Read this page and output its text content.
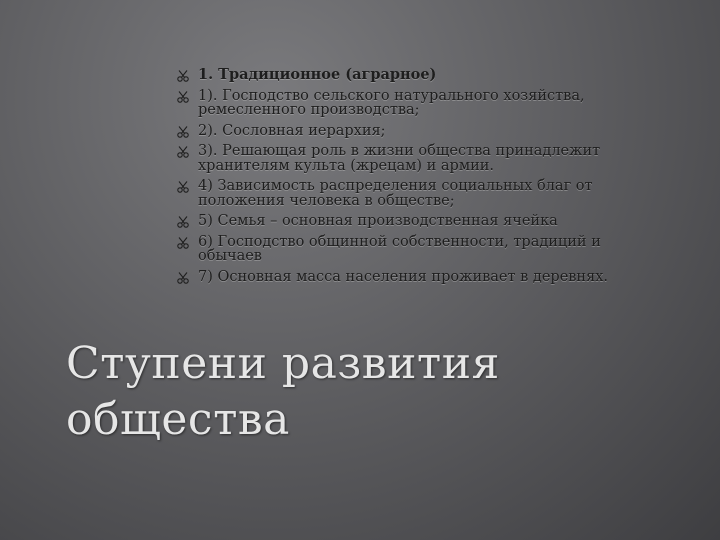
1. Традиционное (аграрное)
1). Господство сельского натурального хозяйства, ремесленного производства;
2). Сословная иерархия;
3). Решающая роль в жизни общества принадлежит хранителям культа (жрецам) и армии.
4) Зависимость распределения социальных благ от положения человека в обществе;
5) Семья – основная производственная ячейка
6) Господство общинной собственности, традиций и обычаев
7) Основная масса населения проживает в деревнях.
Ступени развития
общества
